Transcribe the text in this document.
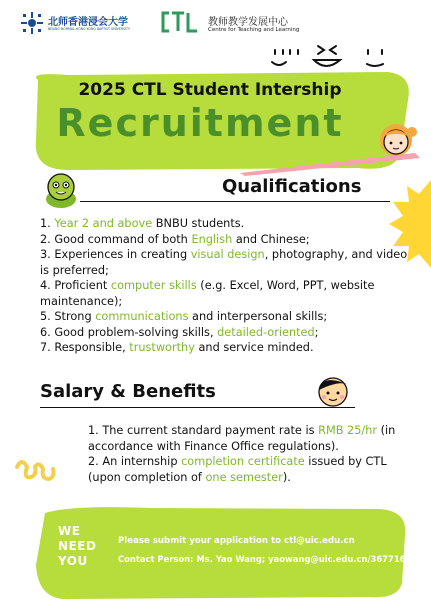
北师香港浸会大学
BEIJING NORMAL-HONG KONG BAPTIST UNIVERSITY
教师教学发展中心
Centre for Teaching and Learning
2025 CTL Student Intership
Recruitment
Qualifications
1. Year 2 and above BNBU students.
2. Good command of both English and Chinese;
3. Experiences in creating visual design, photography, and video is preferred;
4. Proficient computer skills (e.g. Excel, Word, PPT, website maintenance);
5. Strong communications and interpersonal skills;
6. Good problem-solving skills, detailed-oriented;
7. Responsible, trustworthy and service minded.
Salary & Benefits
1. The current standard payment rate is RMB 25/hr (in accordance with Finance Office regulations).
2. An internship completion certificate issued by CTL (upon completion of one semester).
WE
NEED
YOU
Please submit your application to ctl@uic.edu.cn
Contact Person: Ms. Yao Wang; yaowang@uic.edu.cn/3677163
